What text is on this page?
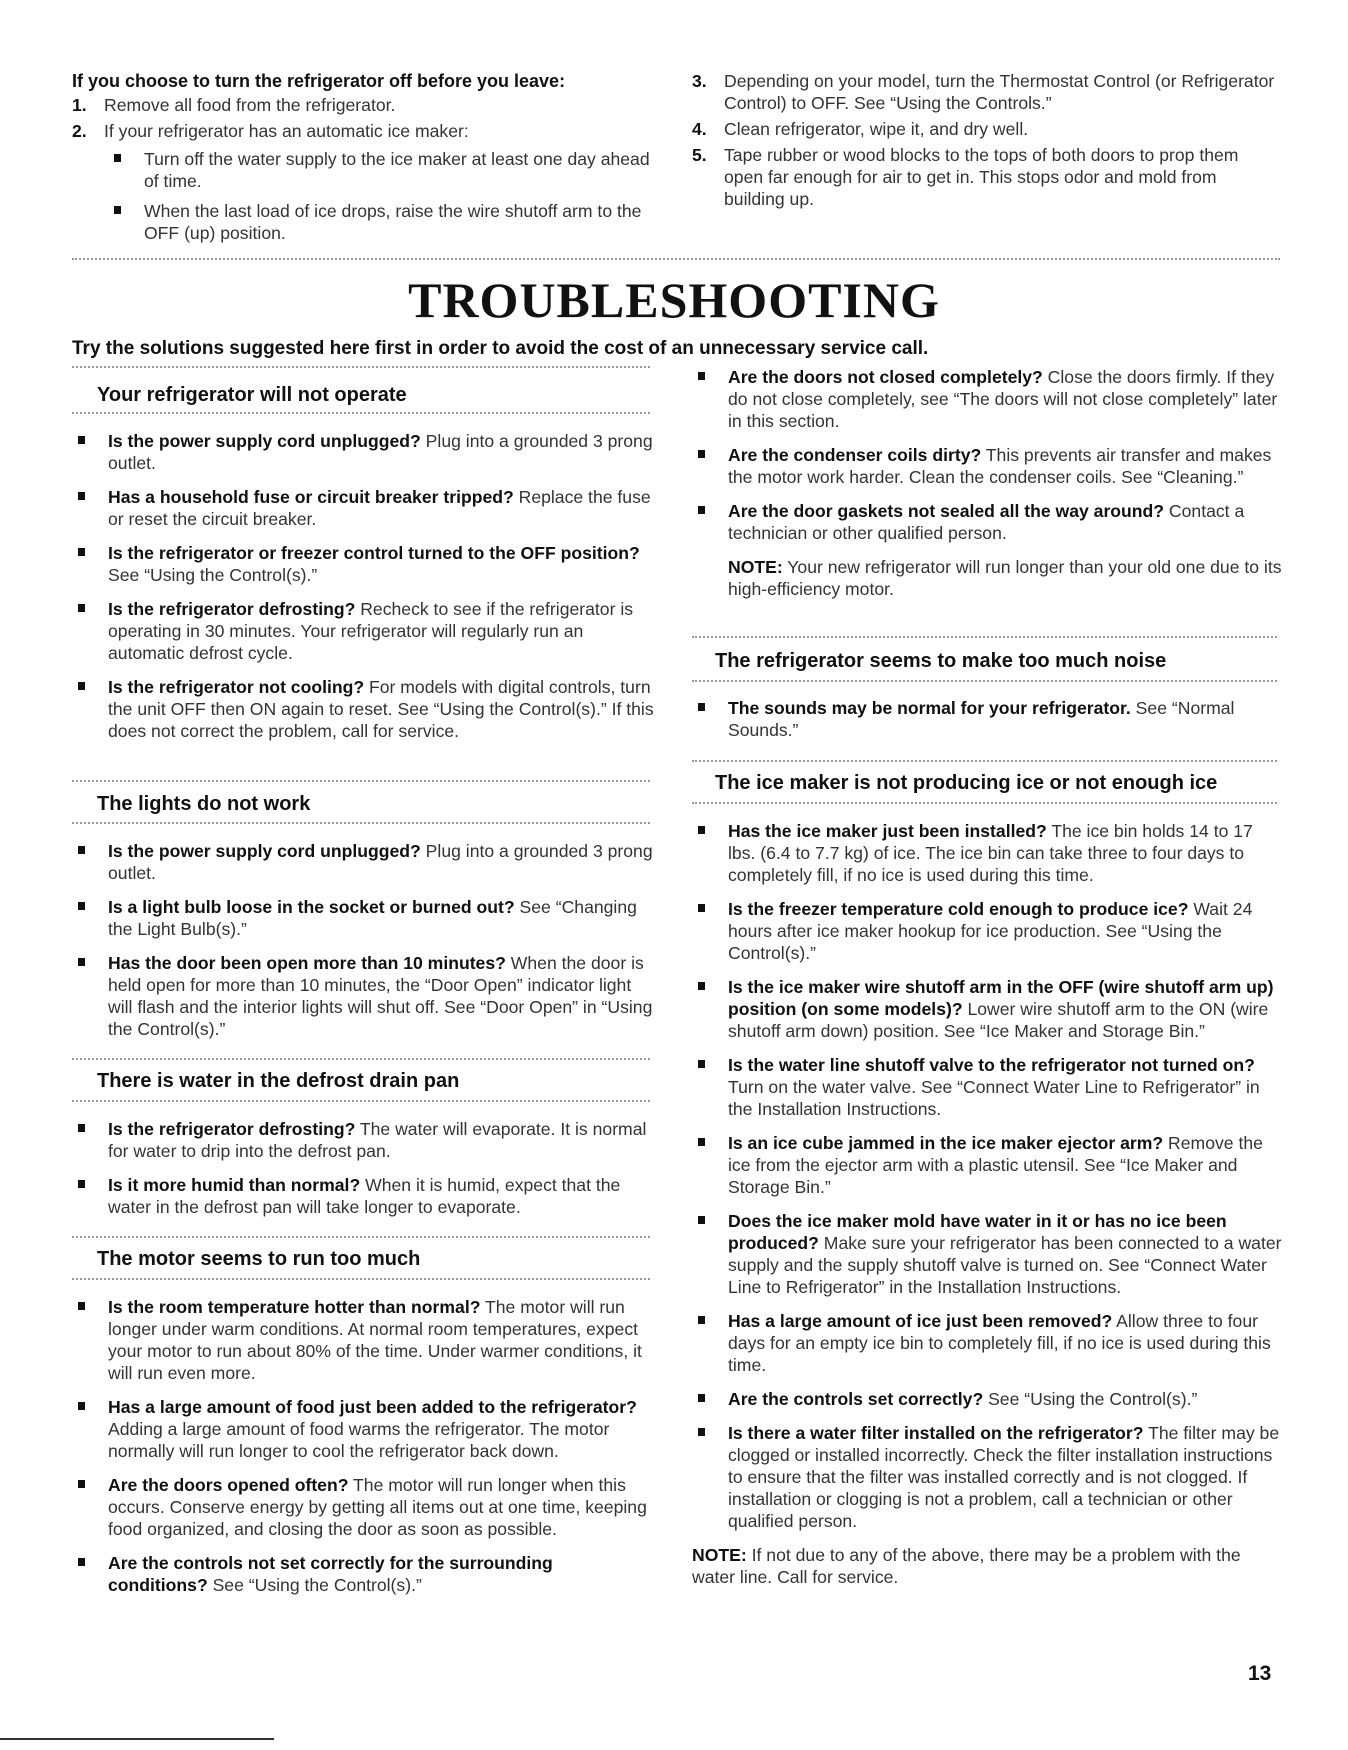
If you choose to turn the refrigerator off before you leave:
1. Remove all food from the refrigerator.
2. If your refrigerator has an automatic ice maker:
Turn off the water supply to the ice maker at least one day ahead of time.
When the last load of ice drops, raise the wire shutoff arm to the OFF (up) position.
3. Depending on your model, turn the Thermostat Control (or Refrigerator Control) to OFF. See “Using the Controls.”
4. Clean refrigerator, wipe it, and dry well.
5. Tape rubber or wood blocks to the tops of both doors to prop them open far enough for air to get in. This stops odor and mold from building up.
TROUBLESHOOTING
Try the solutions suggested here first in order to avoid the cost of an unnecessary service call.
Your refrigerator will not operate
Is the power supply cord unplugged? Plug into a grounded 3 prong outlet.
Has a household fuse or circuit breaker tripped? Replace the fuse or reset the circuit breaker.
Is the refrigerator or freezer control turned to the OFF position? See “Using the Control(s).”
Is the refrigerator defrosting? Recheck to see if the refrigerator is operating in 30 minutes. Your refrigerator will regularly run an automatic defrost cycle.
Is the refrigerator not cooling? For models with digital controls, turn the unit OFF then ON again to reset. See “Using the Control(s).” If this does not correct the problem, call for service.
The lights do not work
Is the power supply cord unplugged? Plug into a grounded 3 prong outlet.
Is a light bulb loose in the socket or burned out? See “Changing the Light Bulb(s).”
Has the door been open more than 10 minutes? When the door is held open for more than 10 minutes, the “Door Open” indicator light will flash and the interior lights will shut off. See “Door Open” in “Using the Control(s).”
There is water in the defrost drain pan
Is the refrigerator defrosting? The water will evaporate. It is normal for water to drip into the defrost pan.
Is it more humid than normal? When it is humid, expect that the water in the defrost pan will take longer to evaporate.
The motor seems to run too much
Is the room temperature hotter than normal? The motor will run longer under warm conditions. At normal room temperatures, expect your motor to run about 80% of the time. Under warmer conditions, it will run even more.
Has a large amount of food just been added to the refrigerator? Adding a large amount of food warms the refrigerator. The motor normally will run longer to cool the refrigerator back down.
Are the doors opened often? The motor will run longer when this occurs. Conserve energy by getting all items out at one time, keeping food organized, and closing the door as soon as possible.
Are the controls not set correctly for the surrounding conditions? See “Using the Control(s).”
Are the doors not closed completely? Close the doors firmly. If they do not close completely, see “The doors will not close completely” later in this section.
Are the condenser coils dirty? This prevents air transfer and makes the motor work harder. Clean the condenser coils. See “Cleaning.”
Are the door gaskets not sealed all the way around? Contact a technician or other qualified person.
NOTE: Your new refrigerator will run longer than your old one due to its high-efficiency motor.
The refrigerator seems to make too much noise
The sounds may be normal for your refrigerator. See “Normal Sounds.”
The ice maker is not producing ice or not enough ice
Has the ice maker just been installed? The ice bin holds 14 to 17 lbs. (6.4 to 7.7 kg) of ice. The ice bin can take three to four days to completely fill, if no ice is used during this time.
Is the freezer temperature cold enough to produce ice? Wait 24 hours after ice maker hookup for ice production. See “Using the Control(s).”
Is the ice maker wire shutoff arm in the OFF (wire shutoff arm up) position (on some models)? Lower wire shutoff arm to the ON (wire shutoff arm down) position. See “Ice Maker and Storage Bin.”
Is the water line shutoff valve to the refrigerator not turned on? Turn on the water valve. See “Connect Water Line to Refrigerator” in the Installation Instructions.
Is an ice cube jammed in the ice maker ejector arm? Remove the ice from the ejector arm with a plastic utensil. See “Ice Maker and Storage Bin.”
Does the ice maker mold have water in it or has no ice been produced? Make sure your refrigerator has been connected to a water supply and the supply shutoff valve is turned on. See “Connect Water Line to Refrigerator” in the Installation Instructions.
Has a large amount of ice just been removed? Allow three to four days for an empty ice bin to completely fill, if no ice is used during this time.
Are the controls set correctly? See “Using the Control(s).”
Is there a water filter installed on the refrigerator? The filter may be clogged or installed incorrectly. Check the filter installation instructions to ensure that the filter was installed correctly and is not clogged. If installation or clogging is not a problem, call a technician or other qualified person.
NOTE: If not due to any of the above, there may be a problem with the water line. Call for service.
13
